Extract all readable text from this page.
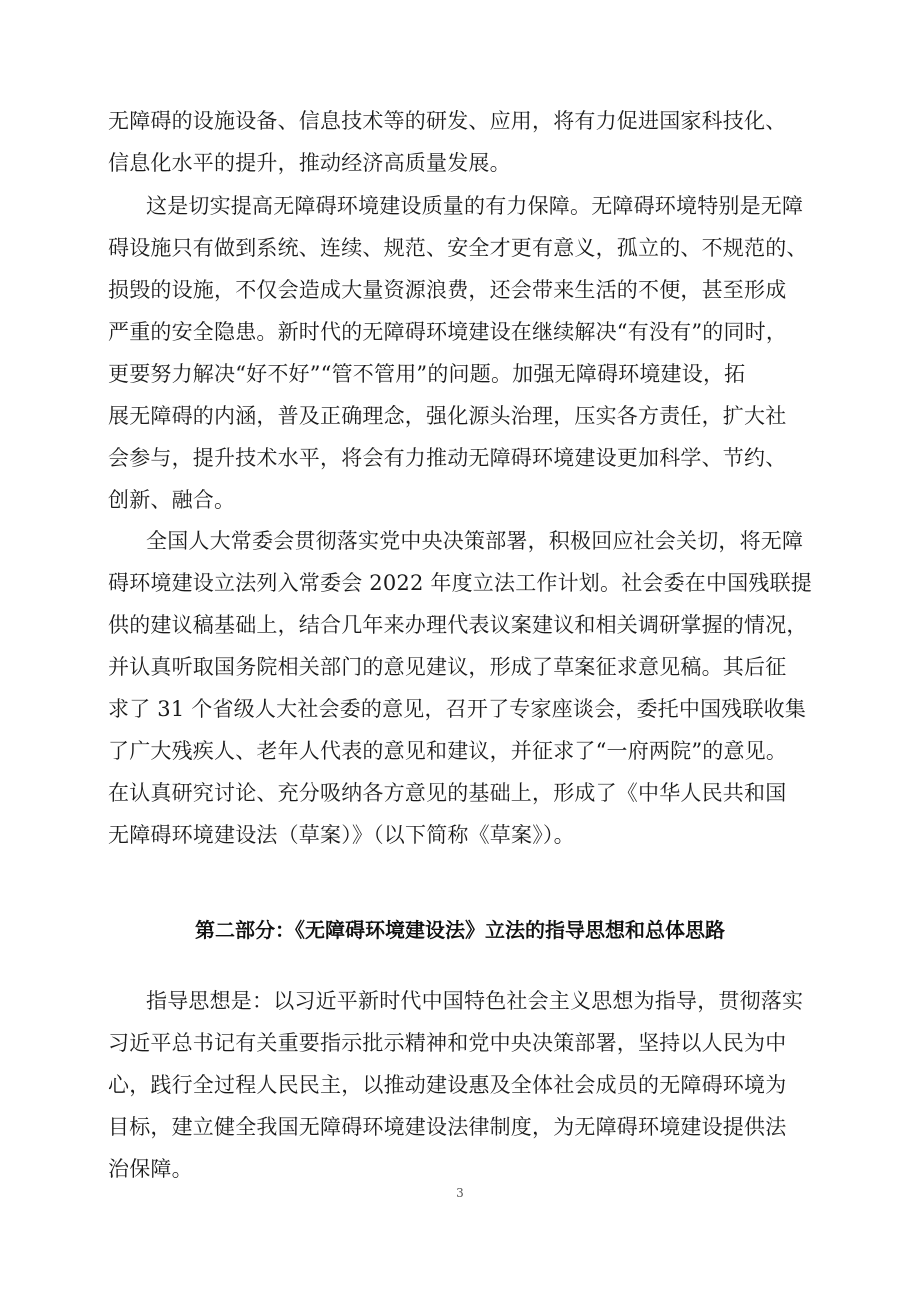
无障碍的设施设备、信息技术等的研发、应用，将有力促进国家科技化、
信息化水平的提升，推动经济高质量发展。
这是切实提高无障碍环境建设质量的有力保障。无障碍环境特别是无障
碍设施只有做到系统、连续、规范、安全才更有意义，孤立的、不规范的、
损毁的设施，不仅会造成大量资源浪费，还会带来生活的不便，甚至形成
严重的安全隐患。新时代的无障碍环境建设在继续解决“有没有”的同时，
更要努力解决“好不好”“管不管用”的问题。加强无障碍环境建设，拓
展无障碍的内涵，普及正确理念，强化源头治理，压实各方责任，扩大社
会参与，提升技术水平，将会有力推动无障碍环境建设更加科学、节约、
创新、融合。
全国人大常委会贯彻落实党中央决策部署，积极回应社会关切，将无障
碍环境建设立法列入常委会 2022 年度立法工作计划。社会委在中国残联提
供的建议稿基础上，结合几年来办理代表议案建议和相关调研掌握的情况，
并认真听取国务院相关部门的意见建议，形成了草案征求意见稿。其后征
求了 31 个省级人大社会委的意见，召开了专家座谈会，委托中国残联收集
了广大残疾人、老年人代表的意见和建议，并征求了“一府两院”的意见。
在认真研究讨论、充分吸纳各方意见的基础上，形成了《中华人民共和国
无障碍环境建设法（草案）》（以下简称《草案》）。
第二部分：《无障碍环境建设法》立法的指导思想和总体思路
指导思想是：以习近平新时代中国特色社会主义思想为指导，贯彻落实
习近平总书记有关重要指示批示精神和党中央决策部署，坚持以人民为中
心，践行全过程人民民主，以推动建设惠及全体社会成员的无障碍环境为
目标，建立健全我国无障碍环境建设法律制度，为无障碍环境建设提供法
治保障。
3
